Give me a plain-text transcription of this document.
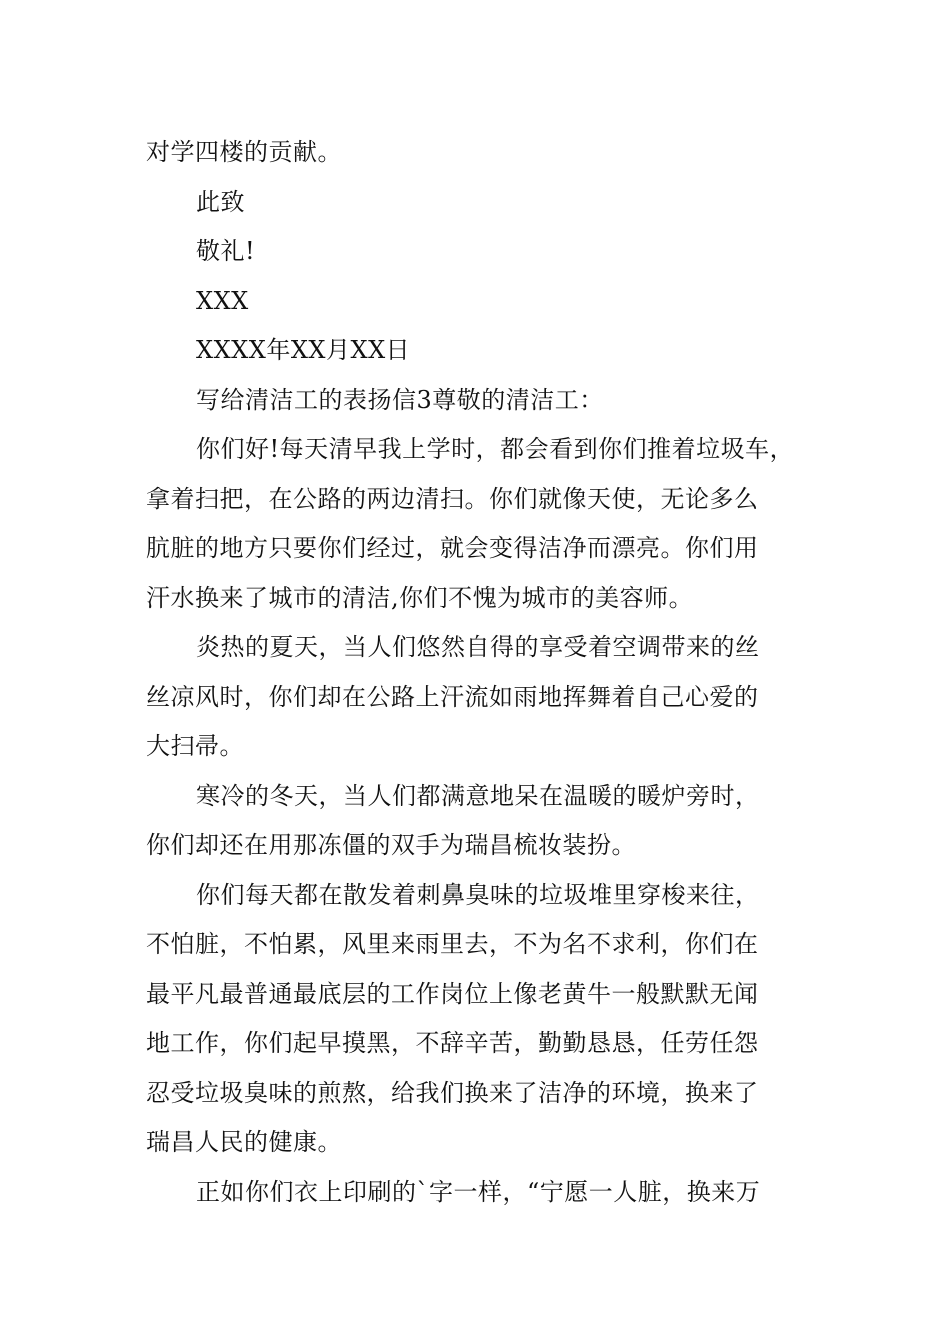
对学四楼的贡献。
此致
敬礼!
XXX
XXXX年XX月XX日
写给清洁工的表扬信3尊敬的清洁工：
你们好!每天清早我上学时，都会看到你们推着垃圾车，
拿着扫把，在公路的两边清扫。你们就像天使，无论多么
肮脏的地方只要你们经过，就会变得洁净而漂亮。你们用
汗水换来了城市的清洁,你们不愧为城市的美容师。
炎热的夏天，当人们悠然自得的享受着空调带来的丝
丝凉风时，你们却在公路上汗流如雨地挥舞着自己心爱的
大扫帚。
寒冷的冬天，当人们都满意地呆在温暖的暖炉旁时，
你们却还在用那冻僵的双手为瑞昌梳妆装扮。
你们每天都在散发着刺鼻臭味的垃圾堆里穿梭来往，
不怕脏，不怕累，风里来雨里去，不为名不求利，你们在
最平凡最普通最底层的工作岗位上像老黄牛一般默默无闻
地工作，你们起早摸黑，不辞辛苦，勤勤恳恳，任劳任怨
忍受垃圾臭味的煎熬，给我们换来了洁净的环境，换来了
瑞昌人民的健康。
正如你们衣上印刷的`字一样，“宁愿一人脏，换来万
